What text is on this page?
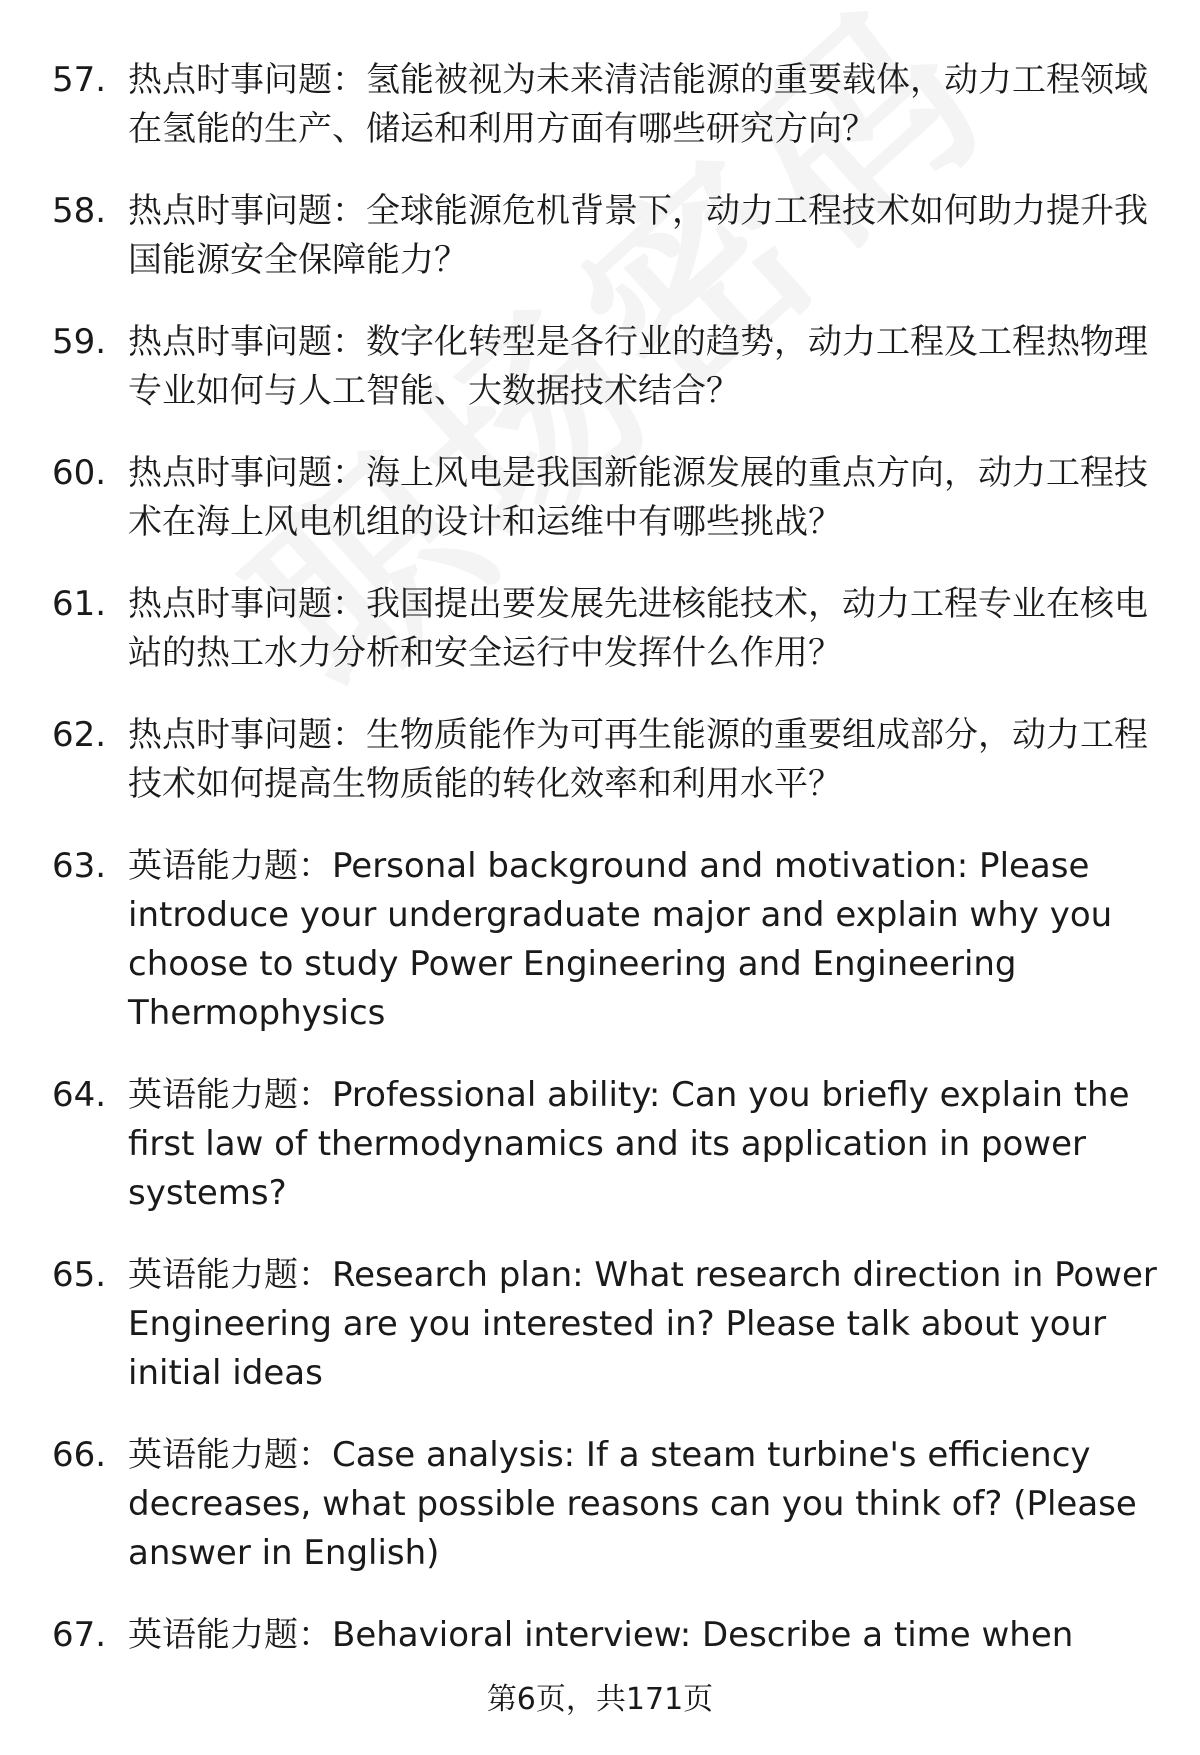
57. 热点时事问题：氢能被视为未来清洁能源的重要载体，动力工程领域在氢能的生产、储运和利用方面有哪些研究方向？
58. 热点时事问题：全球能源危机背景下，动力工程技术如何助力提升我国能源安全保障能力？
59. 热点时事问题：数字化转型是各行业的趋势，动力工程及工程热物理专业如何与人工智能、大数据技术结合？
60. 热点时事问题：海上风电是我国新能源发展的重点方向，动力工程技术在海上风电机组的设计和运维中有哪些挑战？
61. 热点时事问题：我国提出要发展先进核能技术，动力工程专业在核电站的热工水力分析和安全运行中发挥什么作用？
62. 热点时事问题：生物质能作为可再生能源的重要组成部分，动力工程技术如何提高生物质能的转化效率和利用水平？
63. 英语能力题：Personal background and motivation: Please introduce your undergraduate major and explain why you choose to study Power Engineering and Engineering Thermophysics
64. 英语能力题：Professional ability: Can you briefly explain the first law of thermodynamics and its application in power systems?
65. 英语能力题：Research plan: What research direction in Power Engineering are you interested in? Please talk about your initial ideas
66. 英语能力题：Case analysis: If a steam turbine's efficiency decreases, what possible reasons can you think of? (Please answer in English)
67. 英语能力题：Behavioral interview: Describe a time when
第6页，共171页
